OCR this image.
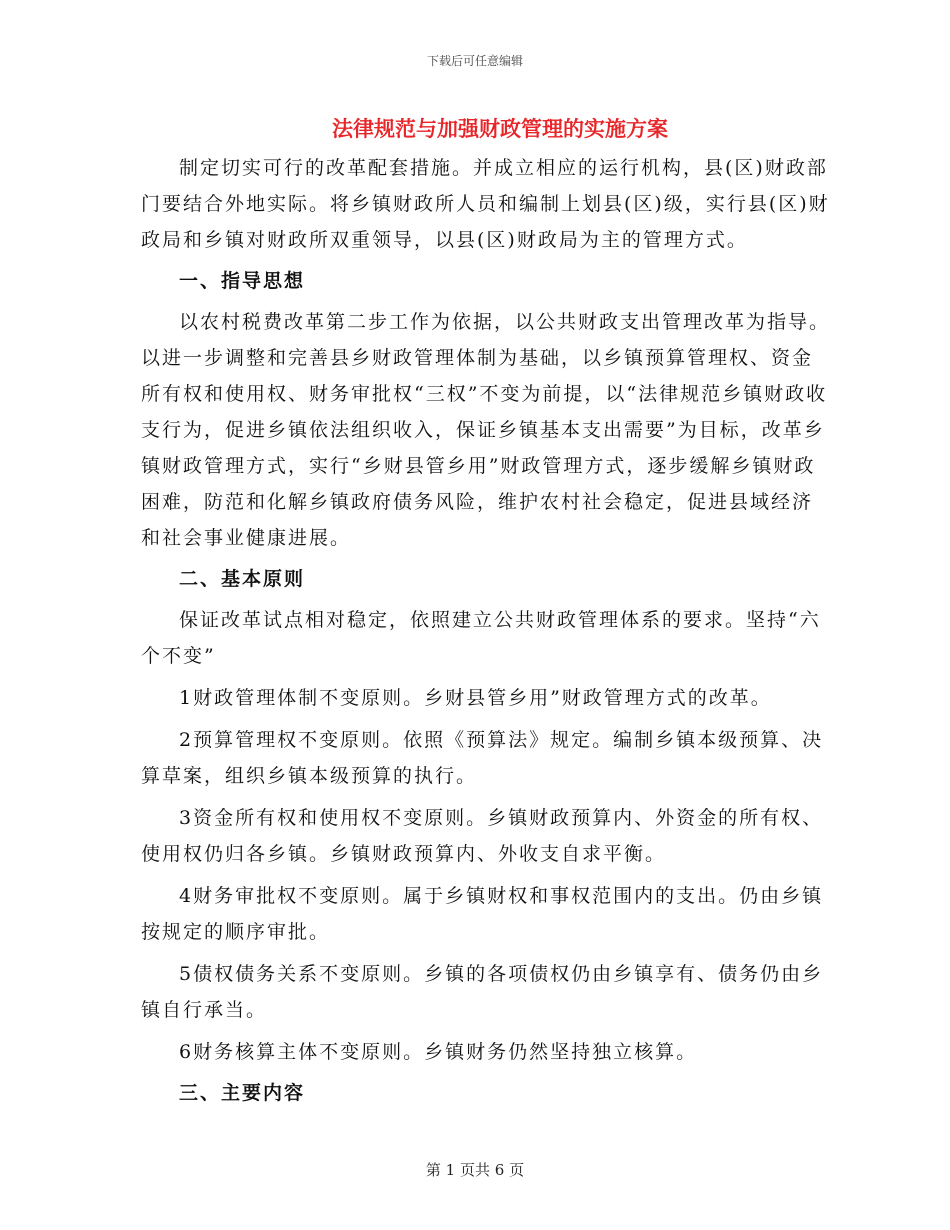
下载后可任意编辑
法律规范与加强财政管理的实施方案

制定切实可行的改革配套措施。并成立相应的运行机构，县(区)财政部门要结合外地实际。将乡镇财政所人员和编制上划县(区)级，实行县(区)财政局和乡镇对财政所双重领导，以县(区)财政局为主的管理方式。

一、指导思想

以农村税费改革第二步工作为依据，以公共财政支出管理改革为指导。以进一步调整和完善县乡财政管理体制为基础，以乡镇预算管理权、资金所有权和使用权、财务审批权“三权”不变为前提，以“法律规范乡镇财政收支行为，促进乡镇依法组织收入，保证乡镇基本支出需要”为目标，改革乡镇财政管理方式，实行“乡财县管乡用”财政管理方式，逐步缓解乡镇财政困难，防范和化解乡镇政府债务风险，维护农村社会稳定，促进县域经济和社会事业健康进展。

二、基本原则

保证改革试点相对稳定，依照建立公共财政管理体系的要求。坚持“六个不变”

1财政管理体制不变原则。乡财县管乡用”财政管理方式的改革。

2预算管理权不变原则。依照《预算法》规定。编制乡镇本级预算、决算草案，组织乡镇本级预算的执行。

3资金所有权和使用权不变原则。乡镇财政预算内、外资金的所有权、使用权仍归各乡镇。乡镇财政预算内、外收支自求平衡。

4财务审批权不变原则。属于乡镇财权和事权范围内的支出。仍由乡镇按规定的顺序审批。

5债权债务关系不变原则。乡镇的各项债权仍由乡镇享有、债务仍由乡镇自行承当。

6财务核算主体不变原则。乡镇财务仍然坚持独立核算。

三、主要内容

第 1 页共 6 页
